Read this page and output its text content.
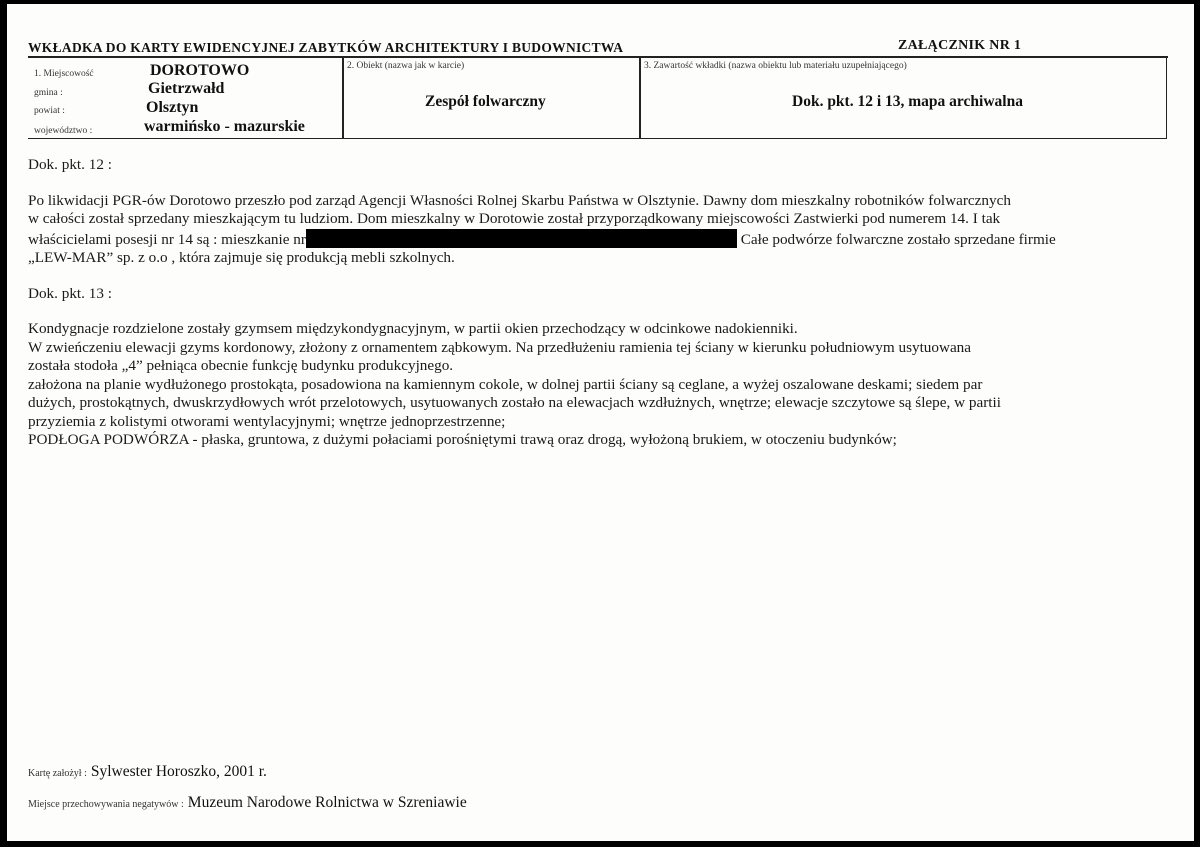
WKŁADKA DO KARTY EWIDENCYJNEJ ZABYTKÓW ARCHITEKTURY I BUDOWNICTWA	ZAŁĄCZNIK NR 1
1. Miejscowość	DOROTOWO
gmina :	Gietrzwałd
powiat :	Olsztyn
województwo :	warmińsko - mazurskie
2. Obiekt (nazwa jak w karcie)
Zespół folwarczny
3. Zawartość wkładki (nazwa obiektu lub materiału uzupełniającego)
Dok. pkt. 12 i 13, mapa archiwalna

Dok. pkt. 12 :

Po likwidacji PGR-ów Dorotowo przeszło pod zarząd Agencji Własności Rolnej Skarbu Państwa w Olsztynie. Dawny dom mieszkalny robotników folwarcznych

w całości został sprzedany mieszkającym tu ludziom. Dom mieszkalny w Dorotowie został przyporządkowany miejscowości Zastwierki pod numerem 14. I tak

właścicielami posesji nr 14 są : mieszkanie nr	Całe podwórze folwarczne zostało sprzedane firmie

„LEW-MAR” sp. z o.o , która zajmuje się produkcją mebli szkolnych.

Dok. pkt. 13 :

Kondygnacje rozdzielone zostały gzymsem międzykondygnacyjnym, w partii okien przechodzący w odcinkowe nadokienniki.

W zwieńczeniu elewacji gzyms kordonowy, złożony z ornamentem ząbkowym. Na przedłużeniu ramienia tej ściany w kierunku południowym usytuowana

została stodoła „4” pełniąca obecnie funkcję budynku produkcyjnego.

założona na planie wydłużonego prostokąta, posadowiona na kamiennym cokole, w dolnej partii ściany są ceglane, a wyżej oszalowane deskami; siedem par

dużych, prostokątnych, dwuskrzydłowych wrót przelotowych, usytuowanych zostało na elewacjach wzdłużnych, wnętrze; elewacje szczytowe są ślepe, w partii

przyziemia z kolistymi otworami wentylacyjnymi; wnętrze jednoprzestrzenne;

PODŁOGA PODWÓRZA - płaska, gruntowa, z dużymi połaciami porośniętymi trawą oraz drogą, wyłożoną brukiem, w otoczeniu budynków;

Kartę założył : Sylwester Horoszko, 2001 r.
Miejsce przechowywania negatywów : Muzeum Narodowe Rolnictwa w Szreniawie
